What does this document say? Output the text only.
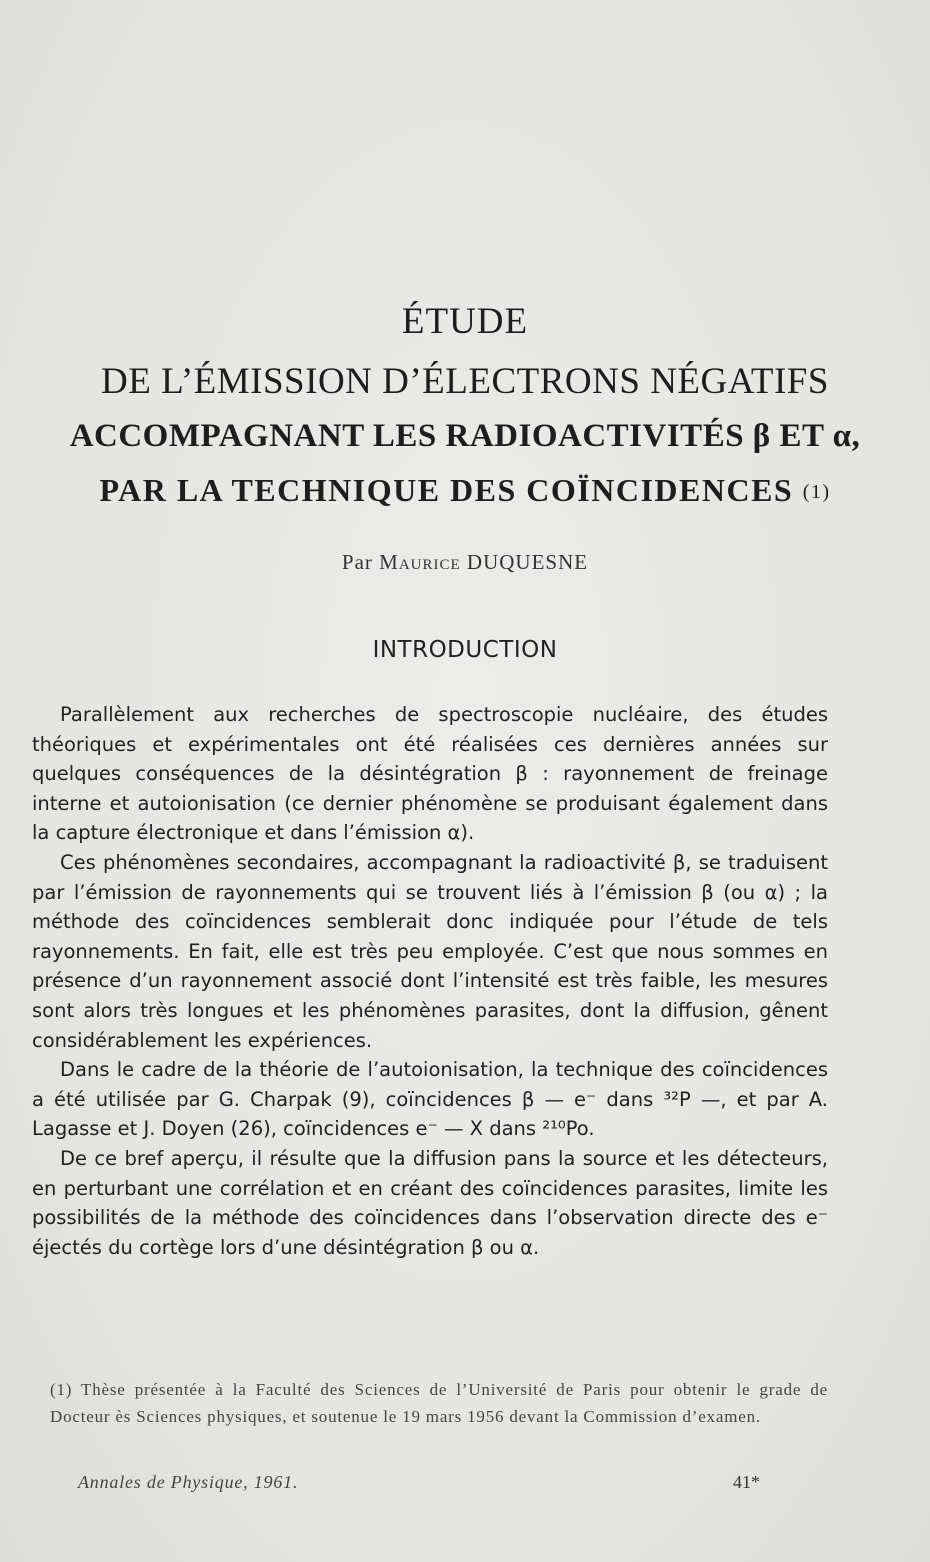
ÉTUDE
DE L’ÉMISSION D’ÉLECTRONS NÉGATIFS
ACCOMPAGNANT LES RADIOACTIVITÉS β ET α,
PAR LA TECHNIQUE DES COÏNCIDENCES (1)
Par Maurice DUQUESNE
INTRODUCTION

Parallèlement aux recherches de spectroscopie nucléaire, des études théoriques et expérimentales ont été réalisées ces dernières années sur quelques conséquences de la désintégration β : rayonnement de freinage interne et autoionisation (ce dernier phénomène se produisant également dans la capture électronique et dans l’émission α).

Ces phénomènes secondaires, accompagnant la radioactivité β, se traduisent par l’émission de rayonnements qui se trouvent liés à l’émission β (ou α) ; la méthode des coïncidences semblerait donc indiquée pour l’étude de tels rayonnements. En fait, elle est très peu employée. C’est que nous sommes en présence d’un rayonnement associé dont l’intensité est très faible, les mesures sont alors très longues et les phénomènes parasites, dont la diffusion, gênent considérablement les expériences.

Dans le cadre de la théorie de l’autoionisation, la technique des coïncidences a été utilisée par G. Charpak (9), coïncidences β — e⁻ dans ³²P —, et par A. Lagasse et J. Doyen (26), coïncidences e⁻ — X dans ²¹⁰Po.

De ce bref aperçu, il résulte que la diffusion pans la source et les détecteurs, en perturbant une corrélation et en créant des coïncidences parasites, limite les possibilités de la méthode des coïncidences dans l’observation directe des e⁻ éjectés du cortège lors d’une désintégration β ou α.

(1) Thèse présentée à la Faculté des Sciences de l’Université de Paris pour obtenir le grade de Docteur ès Sciences physiques, et soutenue le 19 mars 1956 devant la Commission d’examen.

Annales de Physique, 1961.	41*
